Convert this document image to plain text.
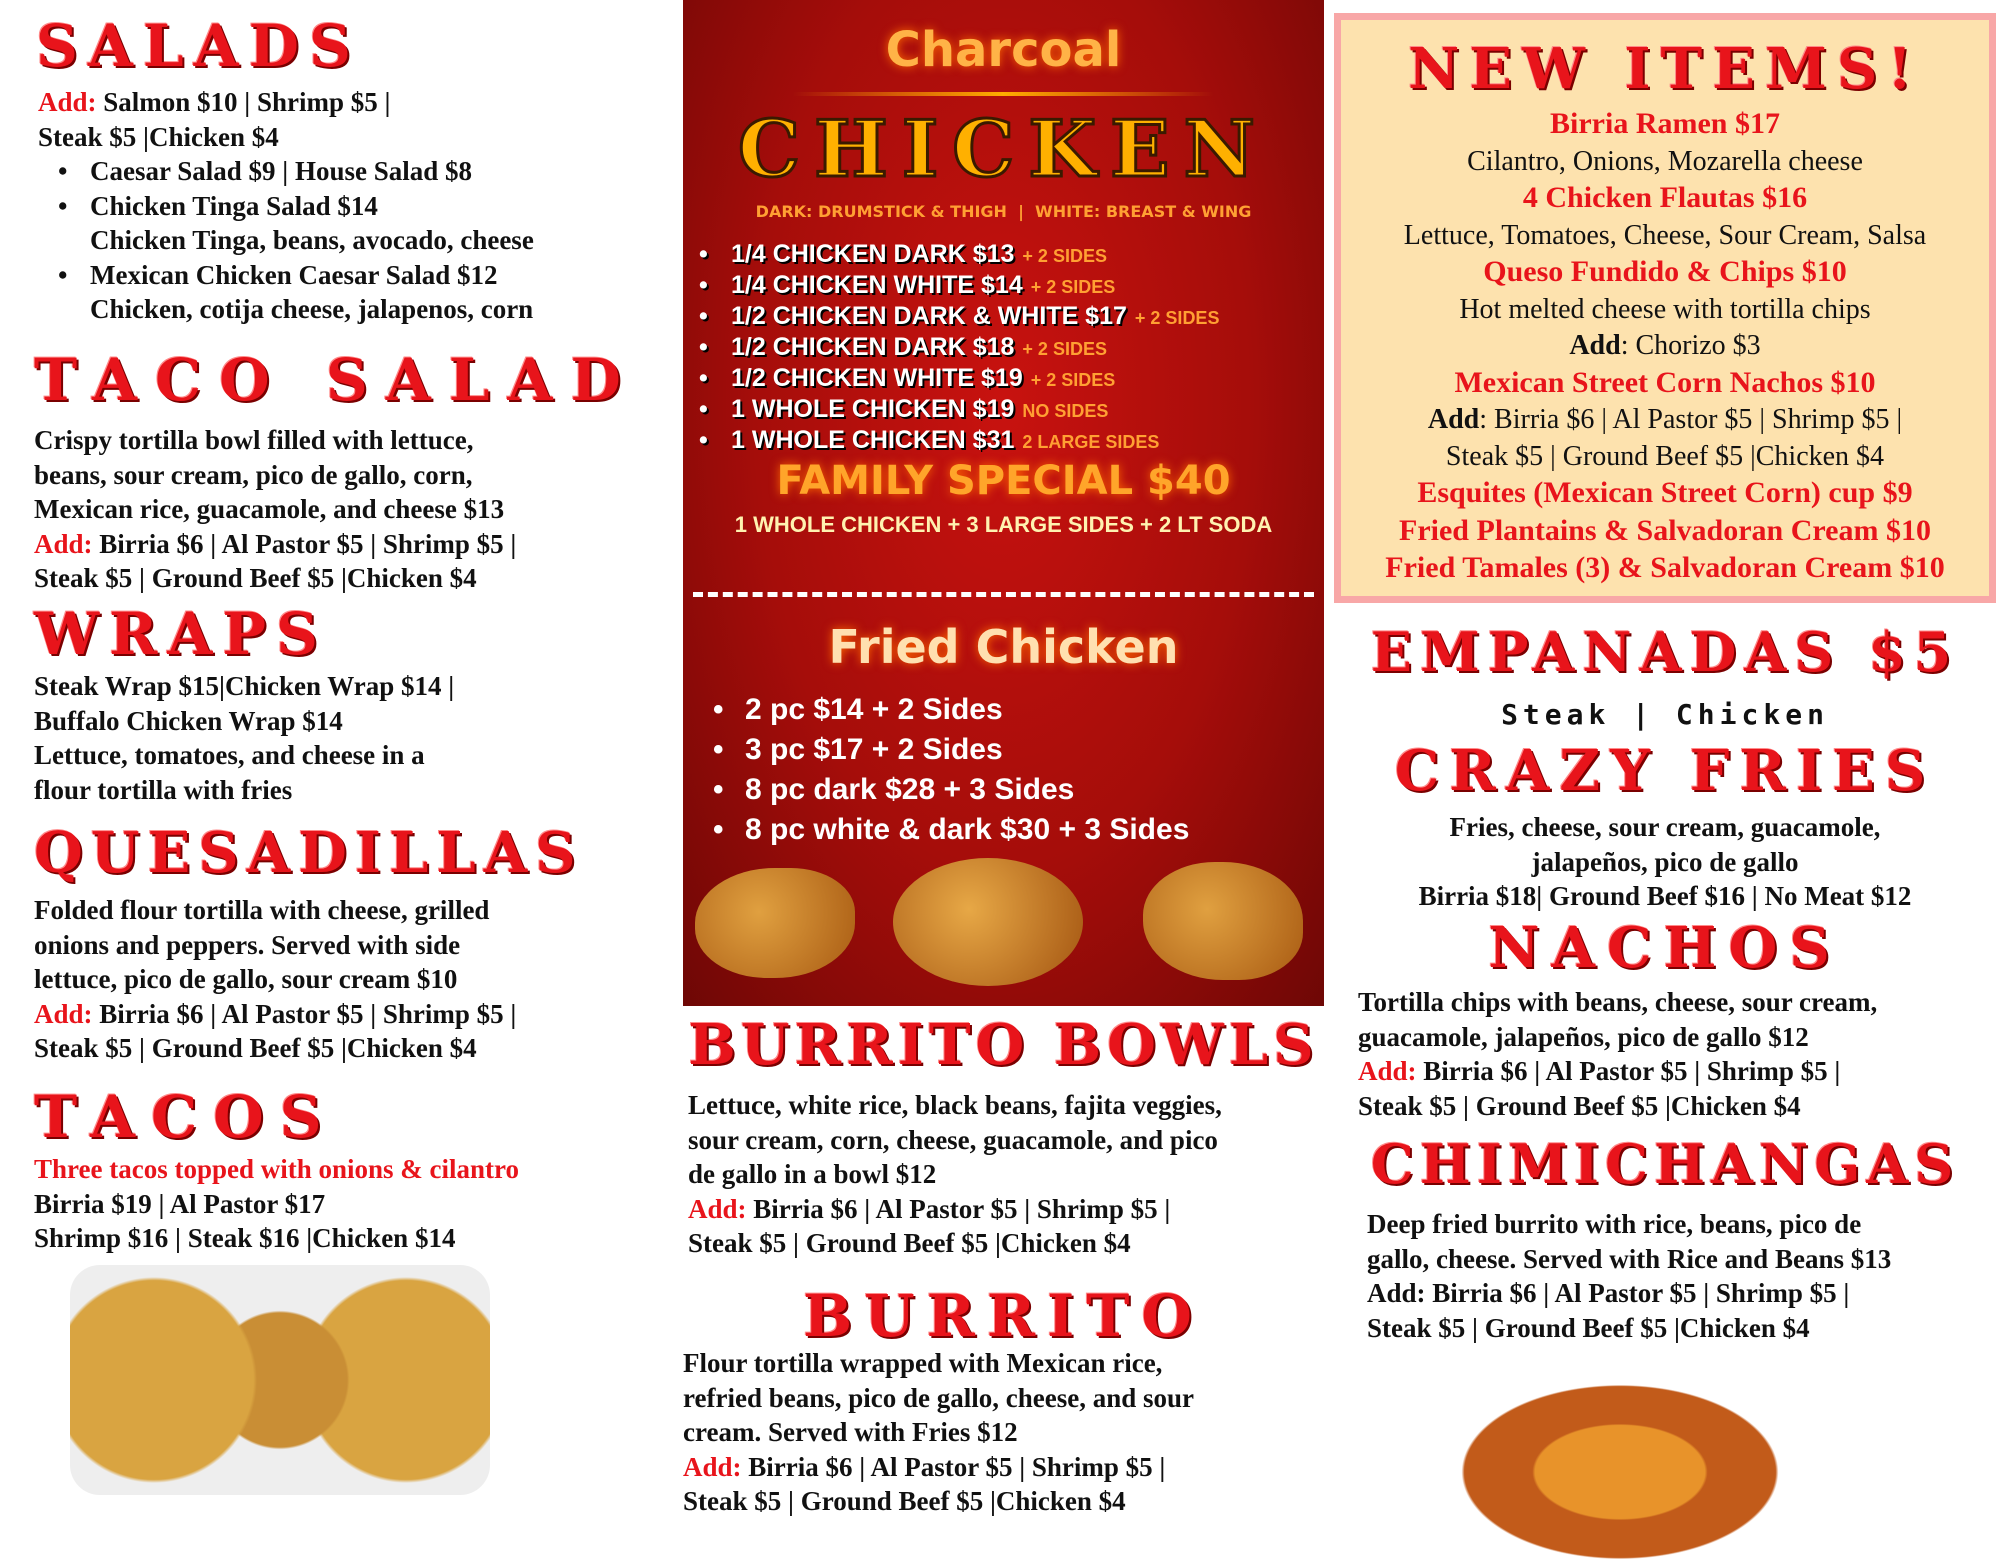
SALADS
Add: Salmon $10 | Shrimp $5 |
Steak $5 |Chicken $4
• Caesar Salad $9 | House Salad $8
• Chicken Tinga Salad $14
Chicken Tinga, beans, avocado, cheese
• Mexican Chicken Caesar Salad $12
Chicken, cotija cheese, jalapenos, corn
TACO SALAD
Crispy tortilla bowl filled with lettuce,
beans, sour cream, pico de gallo, corn,
Mexican rice, guacamole, and cheese $13
Add: Birria $6 | Al Pastor $5 | Shrimp $5 |
Steak $5 | Ground Beef $5 |Chicken $4
WRAPS
Steak Wrap $15|Chicken Wrap $14 |
Buffalo Chicken Wrap $14
Lettuce, tomatoes, and cheese in a
flour tortilla with fries
QUESADILLAS
Folded flour tortilla with cheese, grilled
onions and peppers. Served with side
lettuce, pico de gallo, sour cream $10
Add: Birria $6 | Al Pastor $5 | Shrimp $5 |
Steak $5 | Ground Beef $5 |Chicken $4
TACOS
Three tacos topped with onions & cilantro
Birria $19 | Al Pastor $17
Shrimp $16 | Steak $16 |Chicken $14
Charcoal
CHICKEN
DARK: DRUMSTICK & THIGH  |  WHITE: BREAST & WING
• 1/4 CHICKEN DARK $13 + 2 SIDES
• 1/4 CHICKEN WHITE $14 + 2 SIDES
• 1/2 CHICKEN DARK & WHITE $17 + 2 SIDES
• 1/2 CHICKEN DARK $18 + 2 SIDES
• 1/2 CHICKEN WHITE $19 + 2 SIDES
• 1 WHOLE CHICKEN $19 NO SIDES
• 1 WHOLE CHICKEN $31 2 LARGE SIDES
FAMILY SPECIAL $40
1 WHOLE CHICKEN + 3 LARGE SIDES + 2 LT SODA
Fried Chicken
• 2 pc $14 + 2 Sides
• 3 pc $17 + 2 Sides
• 8 pc dark $28 + 3 Sides
• 8 pc white & dark $30 + 3 Sides
BURRITO BOWLS
Lettuce, white rice, black beans, fajita veggies,
sour cream, corn, cheese, guacamole, and pico
de gallo in a bowl $12
Add: Birria $6 | Al Pastor $5 | Shrimp $5 |
Steak $5 | Ground Beef $5 |Chicken $4
BURRITO
Flour tortilla wrapped with Mexican rice,
refried beans, pico de gallo, cheese, and sour
cream. Served with Fries $12
Add: Birria $6 | Al Pastor $5 | Shrimp $5 |
Steak $5 | Ground Beef $5 |Chicken $4
NEW ITEMS!
Birria Ramen $17
Cilantro, Onions, Mozarella cheese
4 Chicken Flautas $16
Lettuce, Tomatoes, Cheese, Sour Cream, Salsa
Queso Fundido & Chips $10
Hot melted cheese with tortilla chips
Add: Chorizo $3
Mexican Street Corn Nachos $10
Add: Birria $6 | Al Pastor $5 | Shrimp $5 |
Steak $5 | Ground Beef $5 |Chicken $4
Esquites (Mexican Street Corn) cup $9
Fried Plantains & Salvadoran Cream $10
Fried Tamales (3) & Salvadoran Cream $10
EMPANADAS $5
Steak | Chicken
CRAZY FRIES
Fries, cheese, sour cream, guacamole,
jalapeños, pico de gallo
Birria $18| Ground Beef $16 | No Meat $12
NACHOS
Tortilla chips with beans, cheese, sour cream,
guacamole, jalapeños, pico de gallo $12
Add: Birria $6 | Al Pastor $5 | Shrimp $5 |
Steak $5 | Ground Beef $5 |Chicken $4
CHIMICHANGAS
Deep fried burrito with rice, beans, pico de
gallo, cheese. Served with Rice and Beans $13
Add: Birria $6 | Al Pastor $5 | Shrimp $5 |
Steak $5 | Ground Beef $5 |Chicken $4
